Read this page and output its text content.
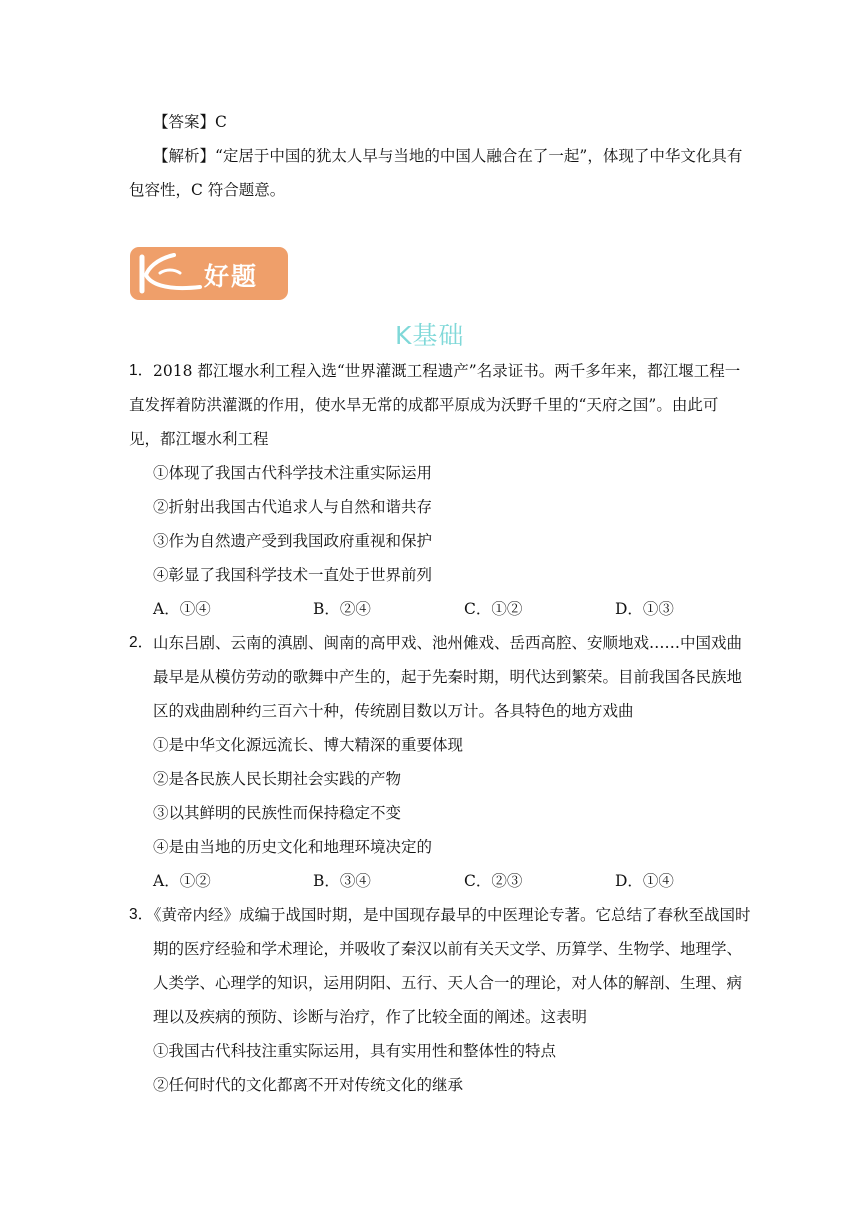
【答案】C
【解析】“定居于中国的犹太人早与当地的中国人融合在了一起”，体现了中华文化具有
包容性，C 符合题意。
好题
K基础
1． 2018 都江堰水利工程入选“世界灌溉工程遗产”名录证书。两千多年来，都江堰工程一
直发挥着防洪灌溉的作用，使水旱无常的成都平原成为沃野千里的“天府之国”。由此可
见，都江堰水利工程
①体现了我国古代科学技术注重实际运用
②折射出我国古代追求人与自然和谐共存
③作为自然遗产受到我国政府重视和保护
④彰显了我国科学技术一直处于世界前列
A．①④	B．②④	C．①②	D．①③
2． 山东吕剧、云南的滇剧、闽南的高甲戏、池州傩戏、岳西高腔、安顺地戏……中国戏曲
最早是从模仿劳动的歌舞中产生的，起于先秦时期，明代达到繁荣。目前我国各民族地
区的戏曲剧种约三百六十种，传统剧目数以万计。各具特色的地方戏曲
①是中华文化源远流长、博大精深的重要体现
②是各民族人民长期社会实践的产物
③以其鲜明的民族性而保持稳定不变
④是由当地的历史文化和地理环境决定的
A．①②	B．③④	C．②③	D．①④
3．
《黄帝内经》成编于战国时期，是中国现存最早的中医理论专著。它总结了春秋至战国时
期的医疗经验和学术理论，并吸收了秦汉以前有关天文学、历算学、生物学、地理学、
人类学、心理学的知识，运用阴阳、五行、天人合一的理论，对人体的解剖、生理、病
理以及疾病的预防、诊断与治疗，作了比较全面的阐述。这表明
①我国古代科技注重实际运用，具有实用性和整体性的特点
②任何时代的文化都离不开对传统文化的继承
